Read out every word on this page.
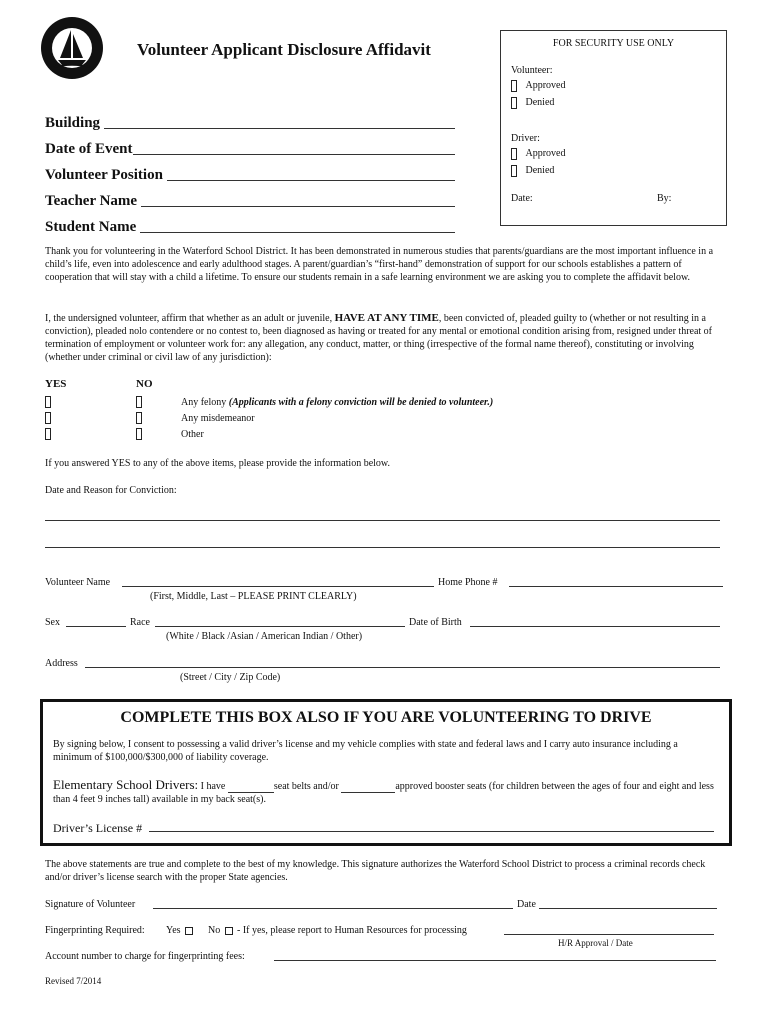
Volunteer Applicant Disclosure Affidavit
Building
Date of Event
Volunteer Position
Teacher Name
Student Name
FOR SECURITY USE ONLY
Volunteer:
Approved
Denied
Driver:
Approved
Denied
Date:	By:
Thank you for volunteering in the Waterford School District. It has been demonstrated in numerous studies that parents/guardians are the most important influence in a child’s life, even into adolescence and early adulthood stages. A parent/guardian’s “first-hand” demonstration of support for our schools establishes a pattern of cooperation that will stay with a child a lifetime. To ensure our students remain in a safe learning environment we are asking you to complete the affidavit below.
I, the undersigned volunteer, affirm that whether as an adult or juvenile, HAVE AT ANY TIME, been convicted of, pleaded guilty to (whether or not resulting in a conviction), pleaded nolo contendere or no contest to, been diagnosed as having or treated for any mental or emotional condition arising from, resigned under threat of termination of employment or volunteer work for: any allegation, any conduct, matter, or thing (irrespective of the formal name thereof), constituting or involving (whether under criminal or civil law of any jurisdiction):
YES	NO
Any felony (Applicants with a felony conviction will be denied to volunteer.)
Any misdemeanor
Other
If you answered YES to any of the above items, please provide the information below.
Date and Reason for Conviction:
Volunteer Name	Home Phone #
(First, Middle, Last – PLEASE PRINT CLEARLY)
Sex	Race	Date of Birth
(White / Black /Asian / American Indian / Other)
Address
(Street / City / Zip Code)
COMPLETE THIS BOX ALSO IF YOU ARE VOLUNTEERING TO DRIVE
By signing below, I consent to possessing a valid driver’s license and my vehicle complies with state and federal laws and I carry auto insurance including a minimum of $100,000/$300,000 of liability coverage.
Elementary School Drivers: I have	seat belts and/or	approved booster seats (for children between the ages of four and eight and less than 4 feet 9 inches tall) available in my back seat(s).
Driver’s License #
The above statements are true and complete to the best of my knowledge. This signature authorizes the Waterford School District to process a criminal records check and/or driver’s license search with the proper State agencies.
Signature of Volunteer	Date
Fingerprinting Required: Yes	No	- If yes, please report to Human Resources for processing
H/R Approval / Date
Account number to charge for fingerprinting fees:
Revised 7/2014
